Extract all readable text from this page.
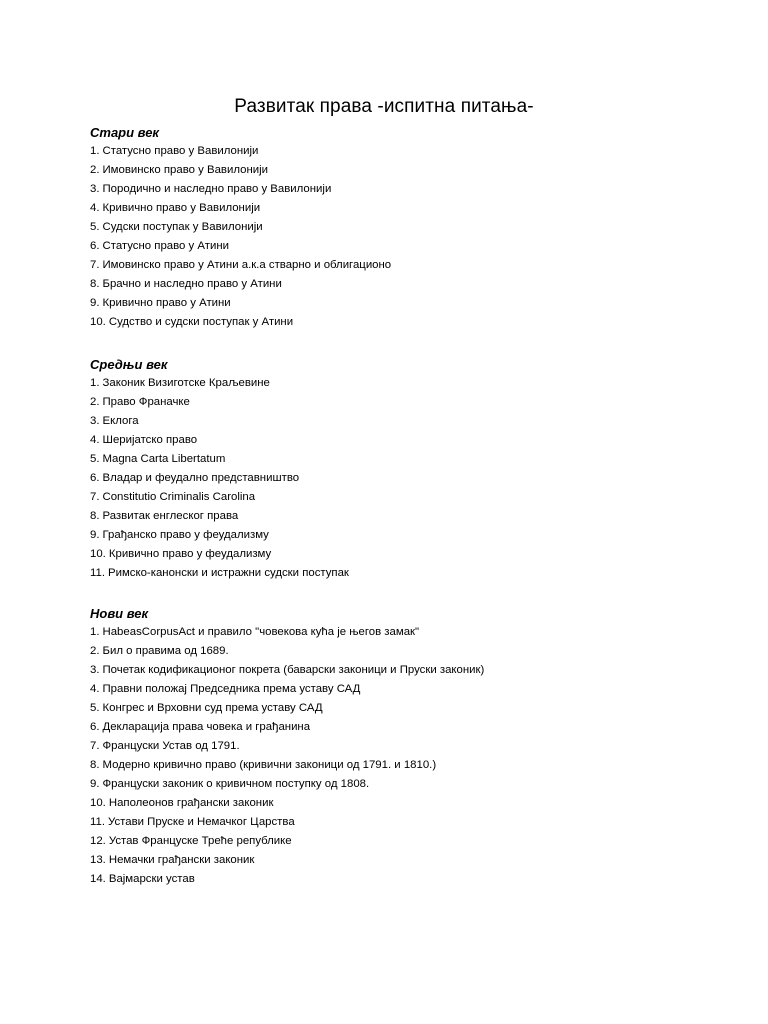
Развитак права -испитна питања-
Стари век
1. Статусно право у Вавилонији
2. Имовинско право у Вавилонији
3. Породично и наследно право у Вавилонији
4. Кривично право у Вавилонији
5. Судски поступак у Вавилонији
6. Статусно право у Атини
7. Имовинско право у Атини а.к.а стварно и облигационо
8. Брачно и наследно право у Атини
9. Кривично право у Атини
10. Судство и судски поступак у Атини
Средњи век
1. Законик Визиготске Краљевине
2. Право Франачке
3. Еклога
4. Шеријатско право
5. Magna Carta Libertatum
6. Владар и феудално представништво
7. Constitutio Criminalis Carolina
8. Развитак енглеског права
9. Грађанско право у феудализму
10. Кривично право у феудализму
11. Римско-канонски и истражни судски поступак
Нови век
1. HabeasCorpusAct и правило "човекова кућа је његов замак"
2. Бил о правима од 1689.
3. Почетак кодификационог покрета (баварски законици и Пруски законик)
4. Правни положај Председника према уставу САД
5. Конгрес и Врховни суд према уставу САД
6. Декларација права човека и грађанина
7. Француски Устав од 1791.
8. Модерно кривично право (кривични законици од 1791. и 1810.)
9. Француски законик о кривичном поступку од 1808.
10. Наполеонов грађански законик
11. Устави Пруске и Немачког Царства
12. Устав Француске Треће републике
13. Немачки грађански законик
14. Вајмарски устав
